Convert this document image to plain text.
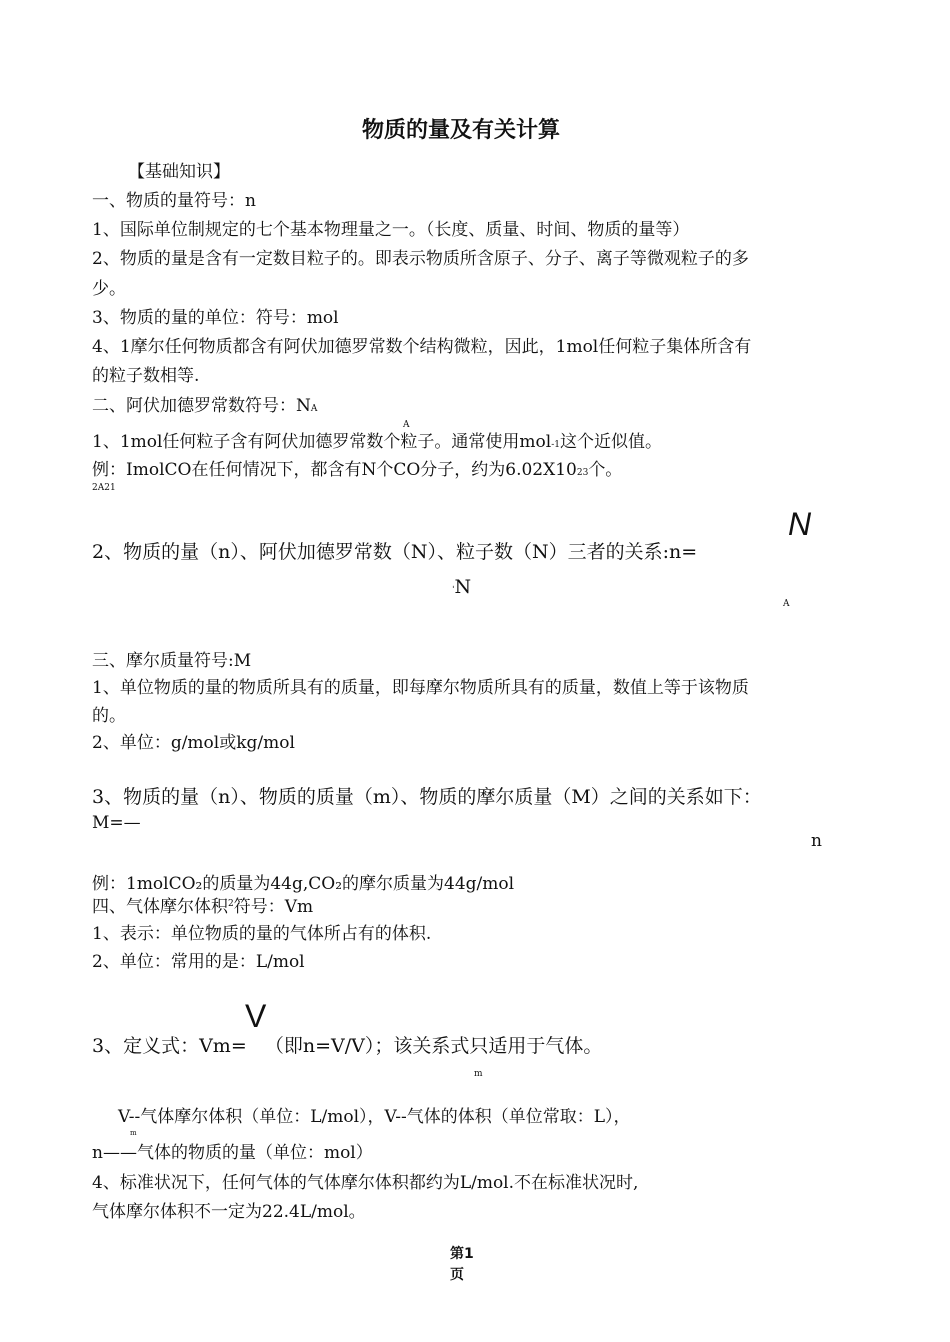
物质的量及有关计算
【基础知识】
一、物质的量符号：n
1、国际单位制规定的七个基本物理量之一。（长度、质量、时间、物质的量等）
2、物质的量是含有一定数目粒子的。即表示物质所含原子、分子、离子等微观粒子的多
少。
3、物质的量的单位：符号：mol
4、1摩尔任何物质都含有阿伏加德罗常数个结构微粒，因此，1mol任何粒子集体所含有
的粒子数相等.
二、阿伏加德罗常数符号：NA
A
1、1mol任何粒子含有阿伏加德罗常数个粒子。通常使用mol-1这个近似值。
例：ImolCO在任何情况下，都含有N个CO分子，约为6.02X1023个。
2A21
N
2、物质的量（n）、阿伏加德罗常数（N）、粒子数（N）三者的关系:n=
ˈN
A
三、摩尔质量符号:M
1、单位物质的量的物质所具有的质量，即每摩尔物质所具有的质量，数值上等于该物质
的。
2、单位：g/mol或kg/mol
3、物质的量（n）、物质的质量（m）、物质的摩尔质量（M）之间的关系如下：
M=—
n
例：1molCO₂的质量为44g,CO₂的摩尔质量为44g/mol
四、气体摩尔体积$^2$符号：Vm
1、表示：单位物质的量的气体所占有的体积.
2、单位：常用的是：L/mol
V
3、定义式：Vm=   （即n=V/V）；该关系式只适用于气体。
m
V--气体摩尔体积（单位：L/mol），V--气体的体积（单位常取：L），
m
n——气体的物质的量（单位：mol）
4、标准状况下，任何气体的气体摩尔体积都约为L/mol.不在标准状况时,
气体摩尔体积不一定为22.4L/mol。
第1
页
